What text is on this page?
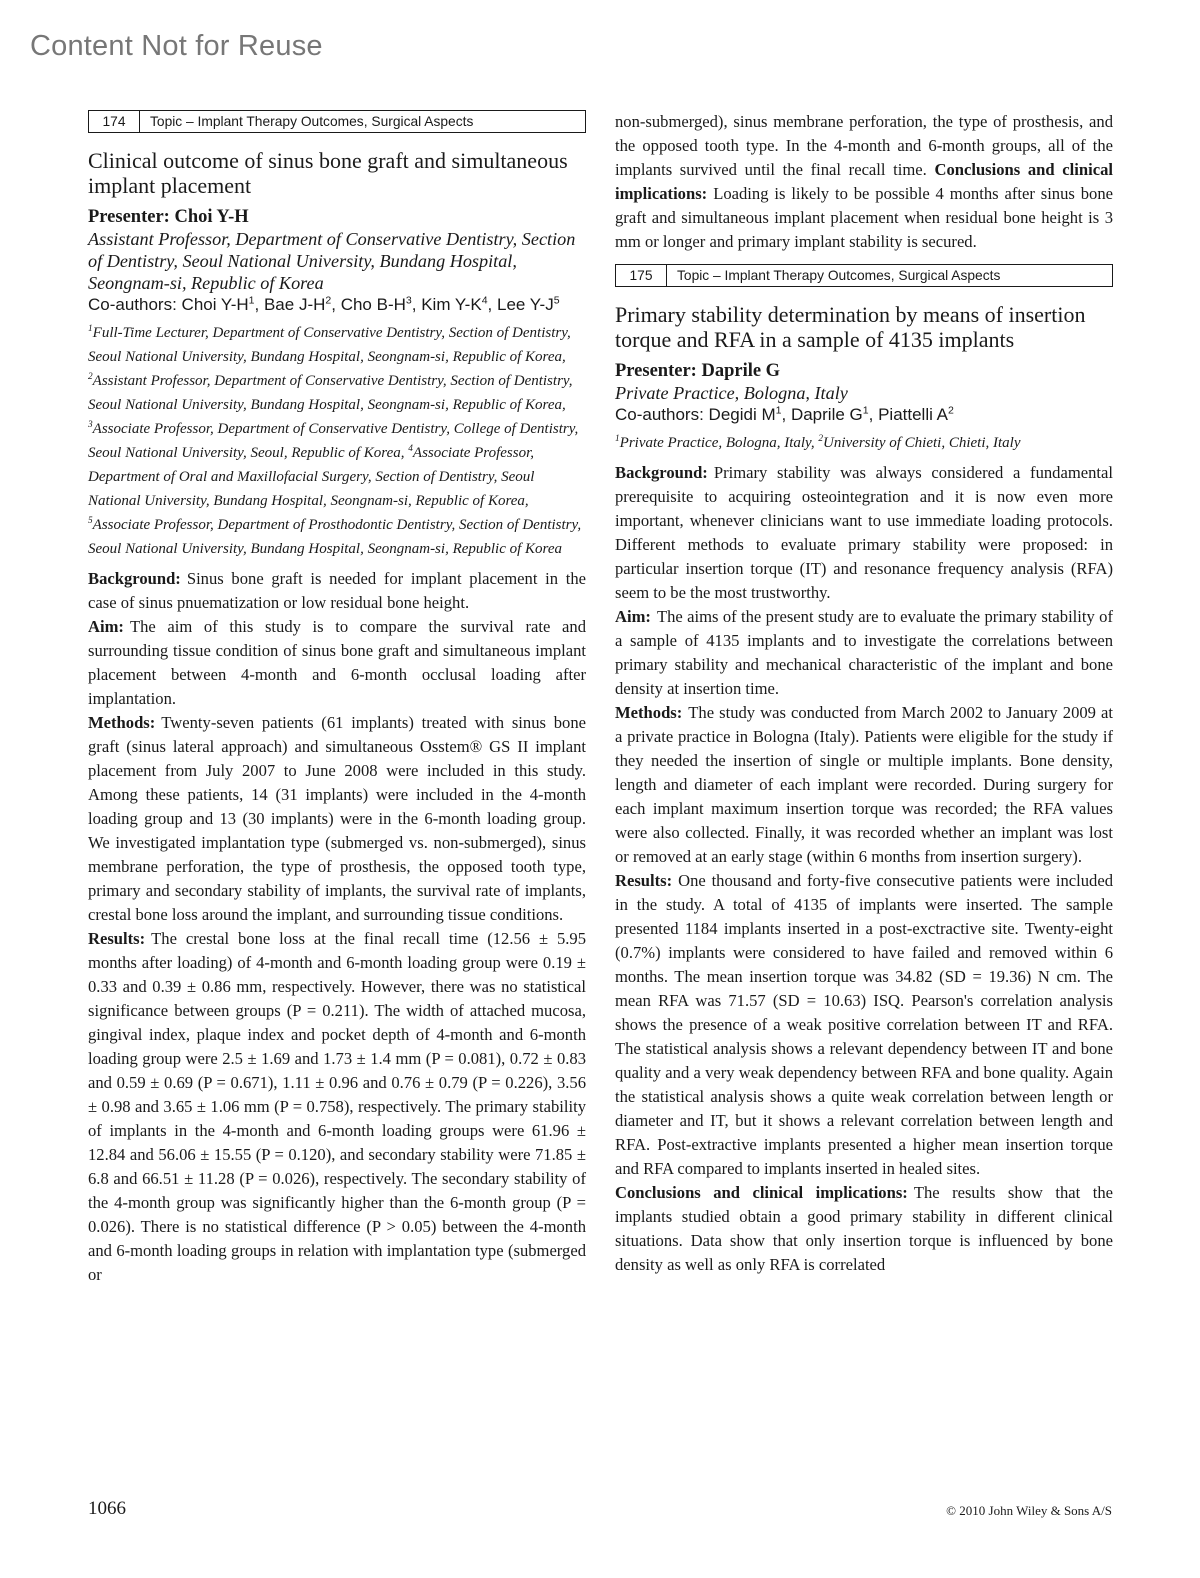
Content Not for Reuse
174	Topic – Implant Therapy Outcomes, Surgical Aspects
Clinical outcome of sinus bone graft and simultaneous implant placement
Presenter: Choi Y-H
Assistant Professor, Department of Conservative Dentistry, Section of Dentistry, Seoul National University, Bundang Hospital, Seongnam-si, Republic of Korea
Co-authors: Choi $Y-H^1$, Bae $J-H^2$, Cho $B-H^3$, Kim $Y-K^4$, Lee $Y-J^5$
$^1$Full-Time Lecturer, Department of Conservative Dentistry, Section of Dentistry, Seoul National University, Bundang Hospital, Seongnam-si, Republic of Korea, $^2$Assistant Professor, Department of Conservative Dentistry, Section of Dentistry, Seoul National University, Bundang Hospital, Seongnam-si, Republic of Korea, $^3$Associate Professor, Department of Conservative Dentistry, College of Dentistry, Seoul National University, Seoul, Republic of Korea, $^4$Associate Professor, Department of Oral and Maxillofacial Surgery, Section of Dentistry, Seoul National University, Bundang Hospital, Seongnam-si, Republic of Korea, $^5$Associate Professor, Department of Prosthodontic Dentistry, Section of Dentistry, Seoul National University, Bundang Hospital, Seongnam-si, Republic of Korea

Background: Sinus bone graft is needed for implant placement in the case of sinus pnuematization or low residual bone height.

Aim: The aim of this study is to compare the survival rate and surrounding tissue condition of sinus bone graft and simultaneous implant placement between 4-month and 6-month occlusal loading after implantation.

Methods: Twenty-seven patients (61 implants) treated with sinus bone graft (sinus lateral approach) and simultaneous Osstem® GS II implant placement from July 2007 to June 2008 were included in this study. Among these patients, 14 (31 implants) were included in the 4-month loading group and 13 (30 implants) were in the 6-month loading group. We investigated implantation type (submerged vs. non-submerged), sinus membrane perforation, the type of prosthesis, the opposed tooth type, primary and secondary stability of implants, the survival rate of implants, crestal bone loss around the implant, and surrounding tissue conditions.

Results: The crestal bone loss at the final recall time (12.56 ± 5.95 months after loading) of 4-month and 6-month loading group were 0.19 ± 0.33 and 0.39 ± 0.86 mm, respectively. However, there was no statistical significance between groups (P = 0.211). The width of attached mucosa, gingival index, plaque index and pocket depth of 4-month and 6-month loading group were 2.5 ± 1.69 and 1.73 ± 1.4 mm (P = 0.081), 0.72 ± 0.83 and 0.59 ± 0.69 (P = 0.671), 1.11 ± 0.96 and 0.76 ± 0.79 (P = 0.226), 3.56 ± 0.98 and 3.65 ± 1.06 mm (P = 0.758), respectively. The primary stability of implants in the 4-month and 6-month loading groups were 61.96 ± 12.84 and 56.06 ± 15.55 (P = 0.120), and secondary stability were 71.85 ± 6.8 and 66.51 ± 11.28 (P = 0.026), respectively. The secondary stability of the 4-month group was significantly higher than the 6-month group (P = 0.026). There is no statistical difference (P > 0.05) between the 4-month and 6-month loading groups in relation with implantation type (submerged or

non-submerged), sinus membrane perforation, the type of prosthesis, and the opposed tooth type. In the 4-month and 6-month groups, all of the implants survived until the final recall time. Conclusions and clinical implications: Loading is likely to be possible 4 months after sinus bone graft and simultaneous implant placement when residual bone height is 3 mm or longer and primary implant stability is secured.

175	Topic – Implant Therapy Outcomes, Surgical Aspects
Primary stability determination by means of insertion torque and RFA in a sample of 4135 implants
Presenter: Daprile G
Private Practice, Bologna, Italy
Co-authors: Degidi $M^1$, Daprile $G^1$, Piattelli $A^2$
$^1$Private Practice, Bologna, Italy, $^2$University of Chieti, Chieti, Italy

Background: Primary stability was always considered a fundamental prerequisite to acquiring osteointegration and it is now even more important, whenever clinicians want to use immediate loading protocols. Different methods to evaluate primary stability were proposed: in particular insertion torque (IT) and resonance frequency analysis (RFA) seem to be the most trustworthy.

Aim: The aims of the present study are to evaluate the primary stability of a sample of 4135 implants and to investigate the correlations between primary stability and mechanical characteristic of the implant and bone density at insertion time.

Methods: The study was conducted from March 2002 to January 2009 at a private practice in Bologna (Italy). Patients were eligible for the study if they needed the insertion of single or multiple implants. Bone density, length and diameter of each implant were recorded. During surgery for each implant maximum insertion torque was recorded; the RFA values were also collected. Finally, it was recorded whether an implant was lost or removed at an early stage (within 6 months from insertion surgery).

Results: One thousand and forty-five consecutive patients were included in the study. A total of 4135 of implants were inserted. The sample presented 1184 implants inserted in a post-exctractive site. Twenty-eight (0.7%) implants were considered to have failed and removed within 6 months. The mean insertion torque was 34.82 (SD = 19.36) N cm. The mean RFA was 71.57 (SD = 10.63) ISQ. Pearson's correlation analysis shows the presence of a weak positive correlation between IT and RFA. The statistical analysis shows a relevant dependency between IT and bone quality and a very weak dependency between RFA and bone quality. Again the statistical analysis shows a quite weak correlation between length or diameter and IT, but it shows a relevant correlation between length and RFA. Post-extractive implants presented a higher mean insertion torque and RFA compared to implants inserted in healed sites.

Conclusions and clinical implications: The results show that the implants studied obtain a good primary stability in different clinical situations. Data show that only insertion torque is influenced by bone density as well as only RFA is correlated

1066	© 2010 John Wiley & Sons A/S
